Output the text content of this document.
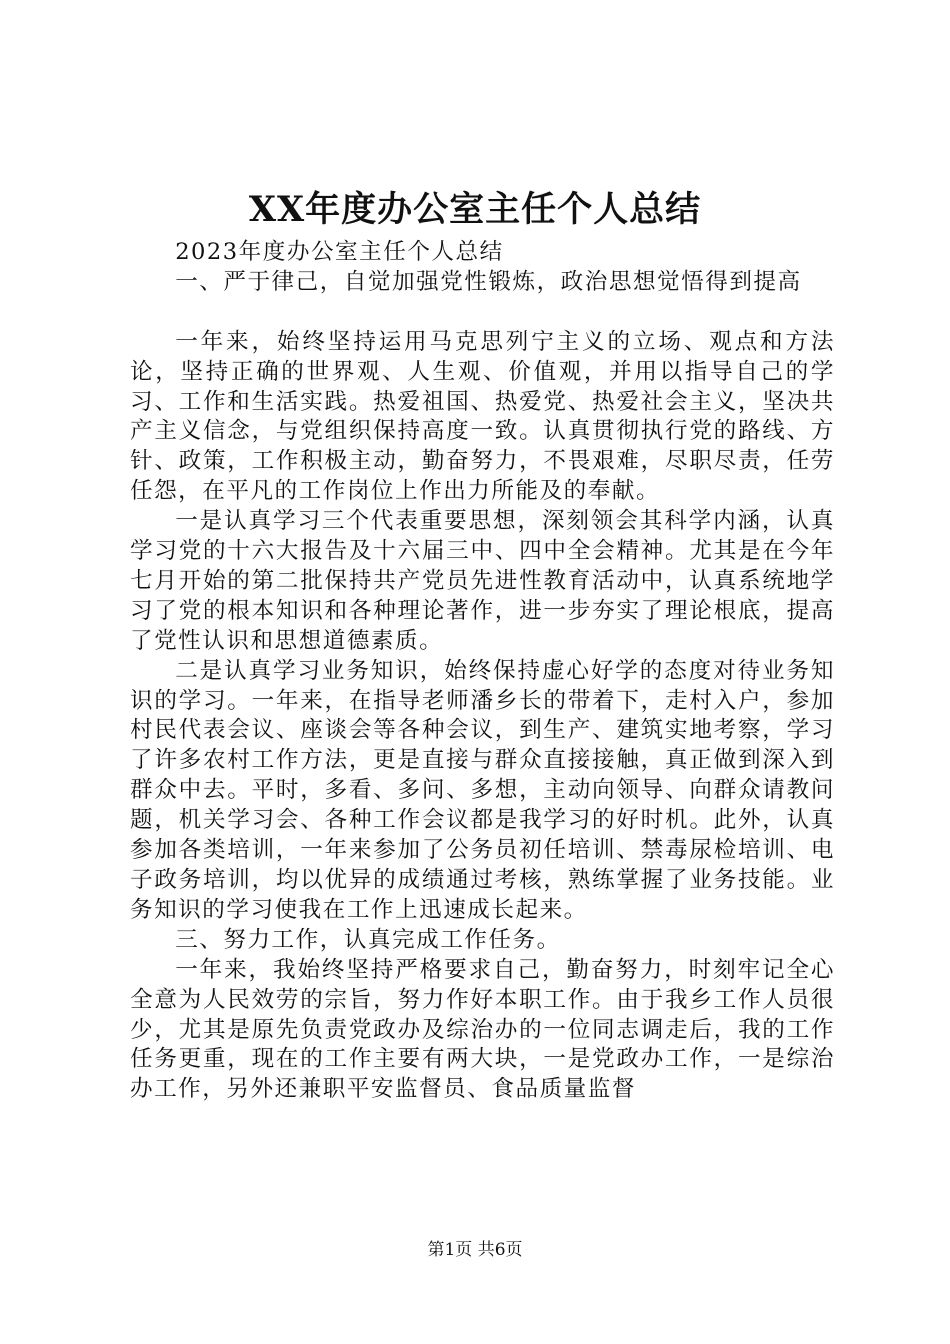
XX年度办公室主任个人总结

2023年度办公室主任个人总结

一、严于律己，自觉加强党性锻炼，政治思想觉悟得到提高

一年来，始终坚持运用马克思列宁主义的立场、观点和方法论，坚持正确的世界观、人生观、价值观，并用以指导自己的学习、工作和生活实践。热爱祖国、热爱党、热爱社会主义，坚决共产主义信念，与党组织保持高度一致。认真贯彻执行党的路线、方针、政策，工作积极主动，勤奋努力，不畏艰难，尽职尽责，任劳任怨，在平凡的工作岗位上作出力所能及的奉献。

一是认真学习三个代表重要思想，深刻领会其科学内涵，认真学习党的十六大报告及十六届三中、四中全会精神。尤其是在今年七月开始的第二批保持共产党员先进性教育活动中，认真系统地学习了党的根本知识和各种理论著作，进一步夯实了理论根底，提高了党性认识和思想道德素质。

二是认真学习业务知识，始终保持虚心好学的态度对待业务知识的学习。一年来，在指导老师潘乡长的带着下，走村入户，参加村民代表会议、座谈会等各种会议，到生产、建筑实地考察，学习了许多农村工作方法，更是直接与群众直接接触，真正做到深入到群众中去。平时，多看、多问、多想，主动向领导、向群众请教问题，机关学习会、各种工作会议都是我学习的好时机。此外，认真参加各类培训，一年来参加了公务员初任培训、禁毒尿检培训、电子政务培训，均以优异的成绩通过考核，熟练掌握了业务技能。业务知识的学习使我在工作上迅速成长起来。

三、努力工作，认真完成工作任务。

一年来，我始终坚持严格要求自己，勤奋努力，时刻牢记全心全意为人民效劳的宗旨，努力作好本职工作。由于我乡工作人员很少，尤其是原先负责党政办及综治办的一位同志调走后，我的工作任务更重，现在的工作主要有两大块，一是党政办工作，一是综治办工作，另外还兼职平安监督员、食品质量监督

第1页 共6页
